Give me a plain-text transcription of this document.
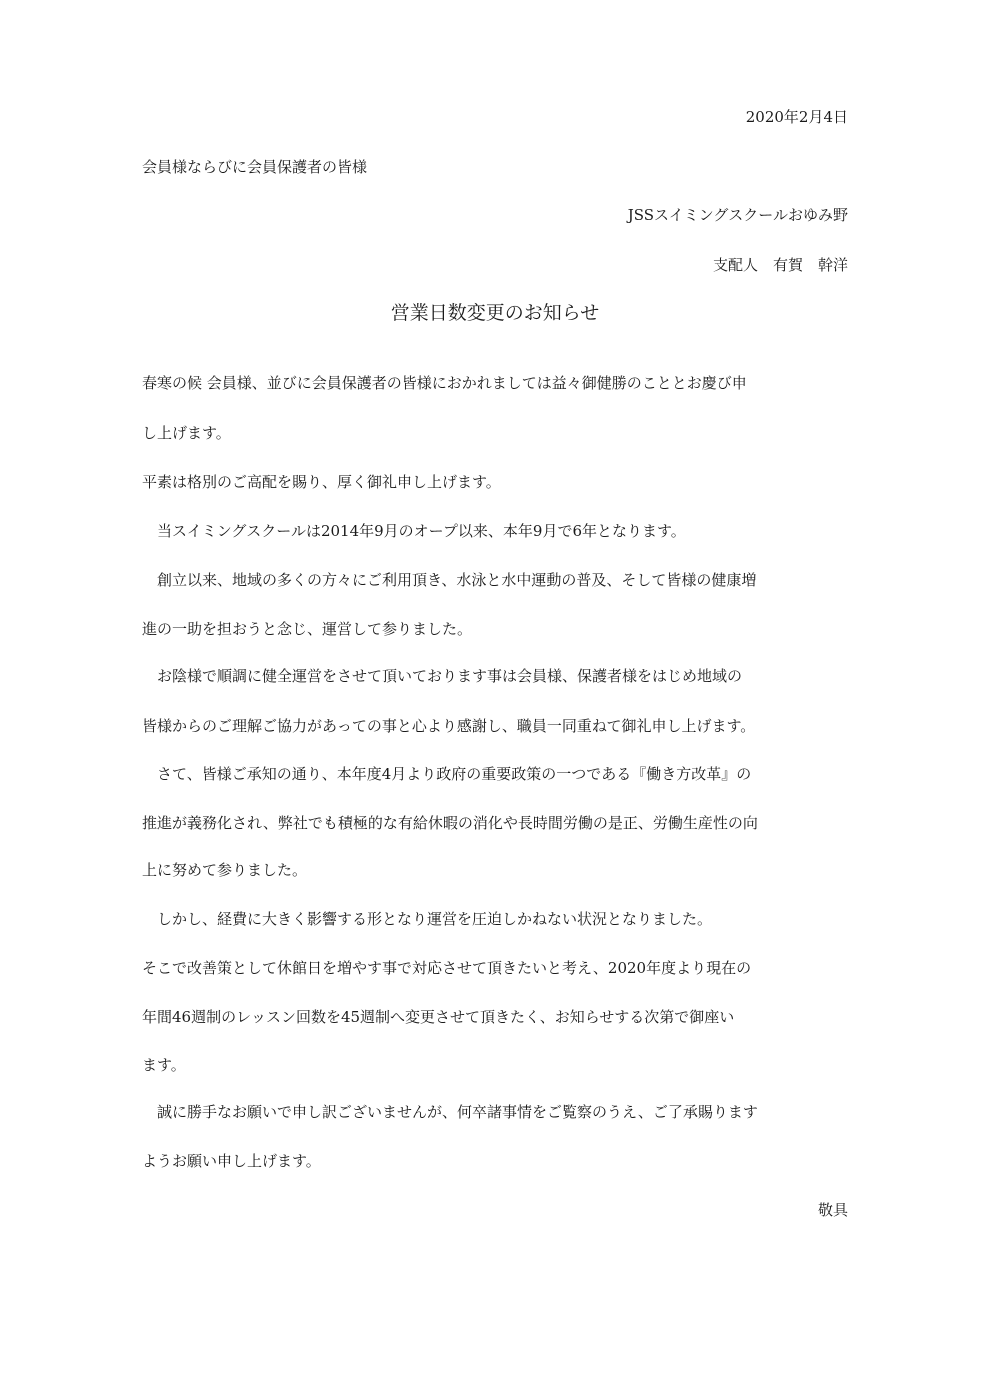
2020年2月4日
会員様ならびに会員保護者の皆様
JSSスイミングスクールおゆみ野
支配人　有賀　幹洋
営業日数変更のお知らせ
春寒の候 会員様、並びに会員保護者の皆様におかれましては益々御健勝のこととお慶び申
し上げます。
平素は格別のご高配を賜り、厚く御礼申し上げます。
　当スイミングスクールは2014年9月のオープ以来、本年9月で6年となります。
　創立以来、地域の多くの方々にご利用頂き、水泳と水中運動の普及、そして皆様の健康増
進の一助を担おうと念じ、運営して参りました。
　お陰様で順調に健全運営をさせて頂いております事は会員様、保護者様をはじめ地域の
皆様からのご理解ご協力があっての事と心より感謝し、職員一同重ねて御礼申し上げます。
　さて、皆様ご承知の通り、本年度4月より政府の重要政策の一つである『働き方改革』の
推進が義務化され、弊社でも積極的な有給休暇の消化や長時間労働の是正、労働生産性の向
上に努めて参りました。
　しかし、経費に大きく影響する形となり運営を圧迫しかねない状況となりました。
そこで改善策として休館日を増やす事で対応させて頂きたいと考え、2020年度より現在の
年間46週制のレッスン回数を45週制へ変更させて頂きたく、お知らせする次第で御座い
ます。
　誠に勝手なお願いで申し訳ございませんが、何卒諸事情をご覧察のうえ、ご了承賜ります
ようお願い申し上げます。
敬具
